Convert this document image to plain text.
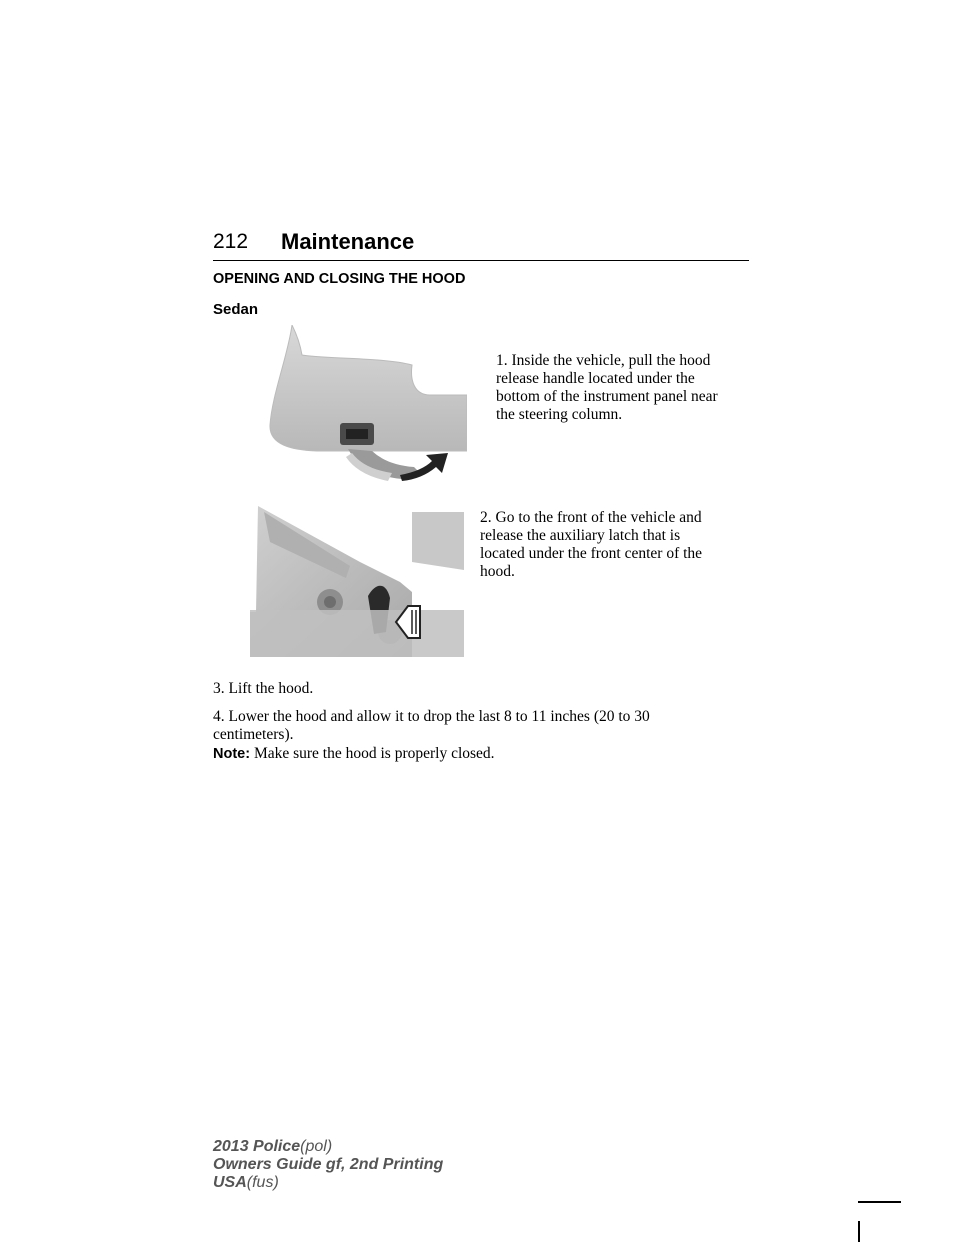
212 Maintenance
OPENING AND CLOSING THE HOOD
Sedan
1. Inside the vehicle, pull the hood
release handle located under the
bottom of the instrument panel near
the steering column.
2. Go to the front of the vehicle and
release the auxiliary latch that is
located under the front center of the
hood.

3. Lift the hood.

4. Lower the hood and allow it to drop the last 8 to 11 inches (20 to 30
centimeters).

Note: Make sure the hood is properly closed.

2013 Police(pol)
Owners Guide gf, 2nd Printing
USA(fus)
